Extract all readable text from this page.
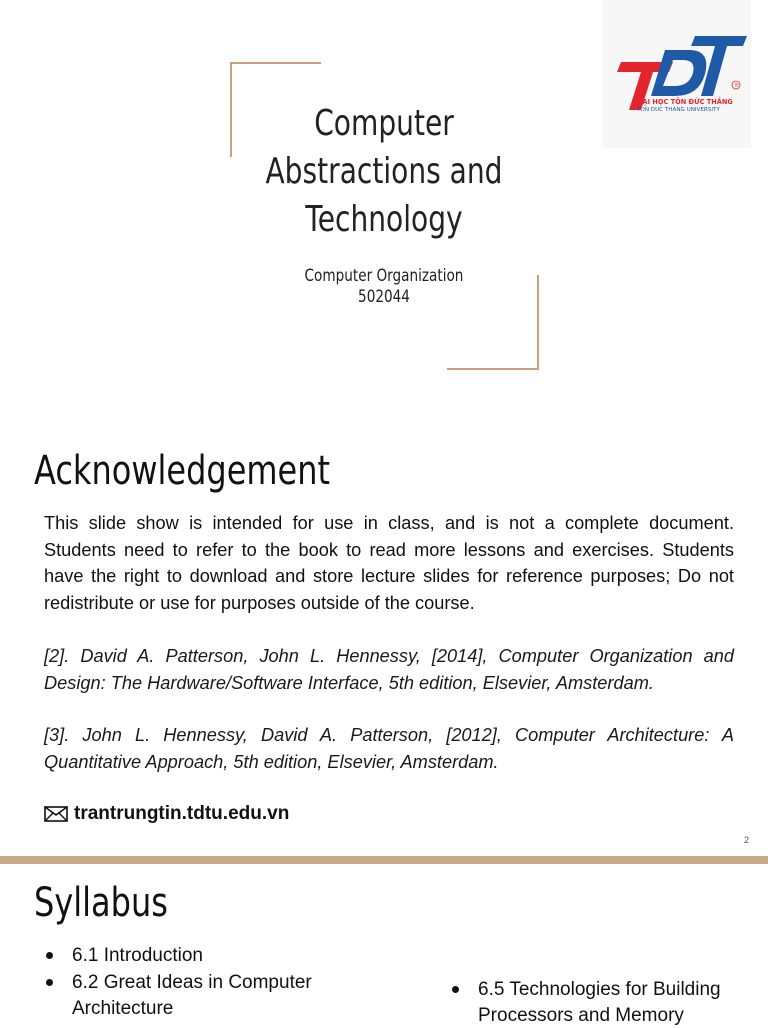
Computer
Abstractions and
Technology
Computer Organization
502044
®
ĐẠI HỌC TÔN ĐỨC THẮNG
TON DUC THANG UNIVERSITY
Acknowledgement
This slide show is intended for use in class, and is not a complete document. Students need to refer to the book to read more lessons and exercises. Students have the right to download and store lecture slides for reference purposes; Do not redistribute or use for purposes outside of the course.
[2]. David A. Patterson, John L. Hennessy, [2014], Computer Organization and Design: The Hardware/Software Interface, 5th edition, Elsevier, Amsterdam.
[3]. John L. Hennessy, David A. Patterson, [2012], Computer Architecture: A Quantitative Approach, 5th edition, Elsevier, Amsterdam.
trantrungtin.tdtu.edu.vn
2
Syllabus
6.1 Introduction
6.2 Great Ideas in Computer
Architecture
6.5 Technologies for Building
Processors and Memory
